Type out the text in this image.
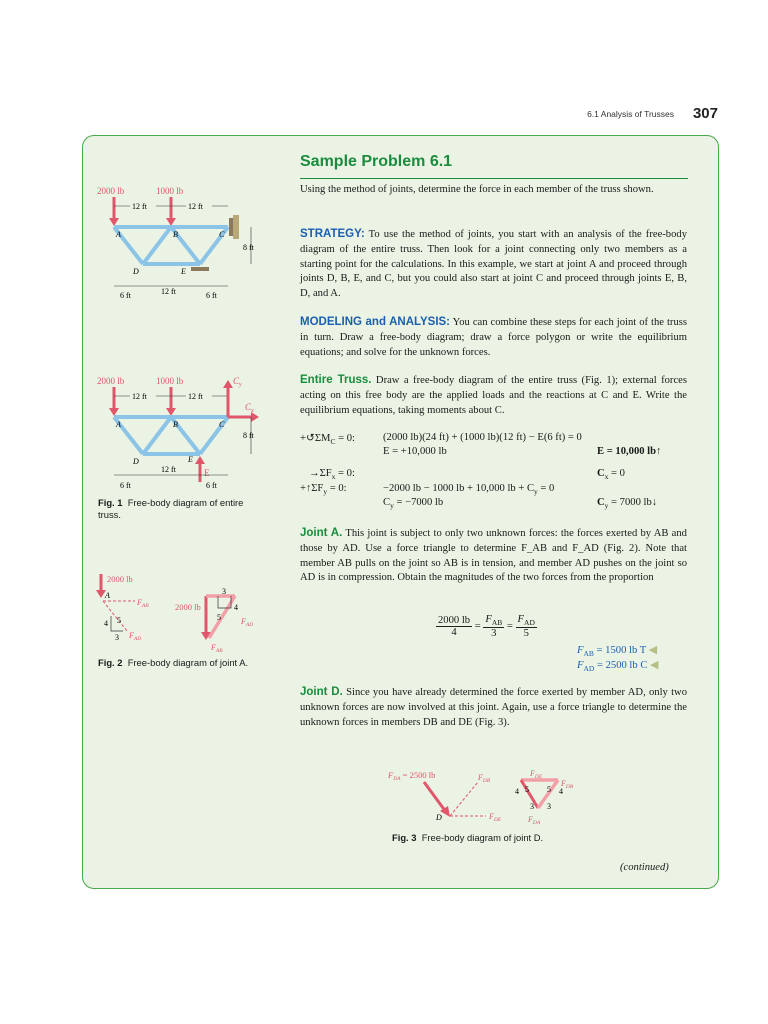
6.1 Analysis of Trusses 307
Sample Problem 6.1
Using the method of joints, determine the force in each member of the truss shown.
STRATEGY: To use the method of joints, you start with an analysis of the free-body diagram of the entire truss. Then look for a joint connecting only two members as a starting point for the calculations. In this example, we start at joint A and proceed through joints D, B, E, and C, but you could also start at joint C and proceed through joints E, B, D, and A.
MODELING and ANALYSIS: You can combine these steps for each joint of the truss in turn. Draw a free-body diagram; draw a force polygon or write the equilibrium equations; and solve for the unknown forces.
Entire Truss. Draw a free-body diagram of the entire truss (Fig. 1); external forces acting on this free body are the applied loads and the reactions at C and E. Write the equilibrium equations, taking moments about C.
$+↺\Sigma M_C = 0$:	(2000 lb)(24 ft) + (1000 lb)(12 ft) − E(6 ft) = 0
E = +10,000 lb	E = 10,000 lb↑
$\to\Sigma F_x = 0$:	$C_x = 0$
$+↑\Sigma F_y = 0$:	−2000 lb − 1000 lb + 10,000 lb + $C_y = 0$
$C_y = -7000$ lb	$C_y = 7000$ lb↓
Joint A. This joint is subject to only two unknown forces: the forces exerted by AB and those by AD. Use a force triangle to determine F_AB and F_AD (Fig. 2). Note that member AB pulls on the joint so AB is in tension, and member AD pushes on the joint so AD is in compression. Obtain the magnitudes of the two forces from the proportion
$\frac{2000 lb}{4} = \frac{F_{AB}}{3} = \frac{F_{AD}}{5}$
$F_{AB} = 1500$ lb T ◀
$F_{AD} = 2500$ lb C ◀
Joint D. Since you have already determined the force exerted by member AD, only two unknown forces are now involved at this joint. Again, use a force triangle to determine the unknown forces in members DB and DE (Fig. 3).
2000 lb	1000 lb
12 ft	12 ft
A	B	C
D	E
8 ft
6 ft	12 ft	6 ft
2000 lb	1000 lb
12 ft	12 ft
$C_y$
$C_x$
E
A	B	C
D	E
8 ft
6 ft
12 ft
6 ft
Fig. 1 Free-body diagram of entire truss.
2000 lb
A
$F_{AB}$
$F_{AD}$
4 5
3
2000 lb
3
5
4
$F_{AD}$
$F_{AB}$
Fig. 2 Free-body diagram of joint A.
$F_{DA} = 2500$ lb
D
$F_{DB}$
$F_{DE}$
$F_{DE}$
$F_{DB}$
$F_{DA}$
4 5 5 4
3 3
Fig. 3 Free-body diagram of joint D.
(continued)
